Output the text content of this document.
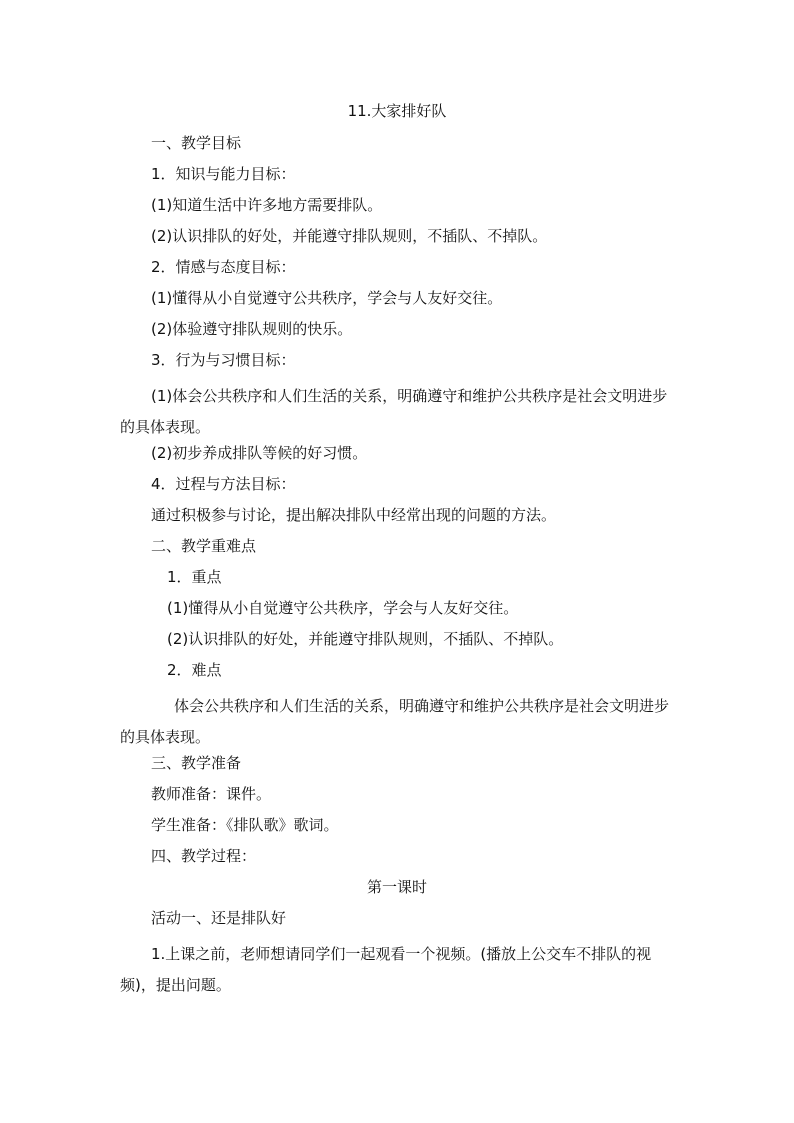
11.大家排好队
一、教学目标
1．知识与能力目标：
(1)知道生活中许多地方需要排队。
(2)认识排队的好处，并能遵守排队规则，不插队、不掉队。
2．情感与态度目标：
(1)懂得从小自觉遵守公共秩序，学会与人友好交往。
(2)体验遵守排队规则的快乐。
3．行为与习惯目标：
(1)体会公共秩序和人们生活的关系，明确遵守和维护公共秩序是社会文明进步的具体表现。
(2)初步养成排队等候的好习惯。
4．过程与方法目标：
通过积极参与讨论，提出解决排队中经常出现的问题的方法。
二、教学重难点
1．重点
(1)懂得从小自觉遵守公共秩序，学会与人友好交往。
(2)认识排队的好处，并能遵守排队规则，不插队、不掉队。
2．难点
体会公共秩序和人们生活的关系，明确遵守和维护公共秩序是社会文明进步的具体表现。
三、教学准备
教师准备：课件。
学生准备：《排队歌》歌词。
四、教学过程：
第一课时
活动一、还是排队好
1.上课之前，老师想请同学们一起观看一个视频。(播放上公交车不排队的视频)，提出问题。
